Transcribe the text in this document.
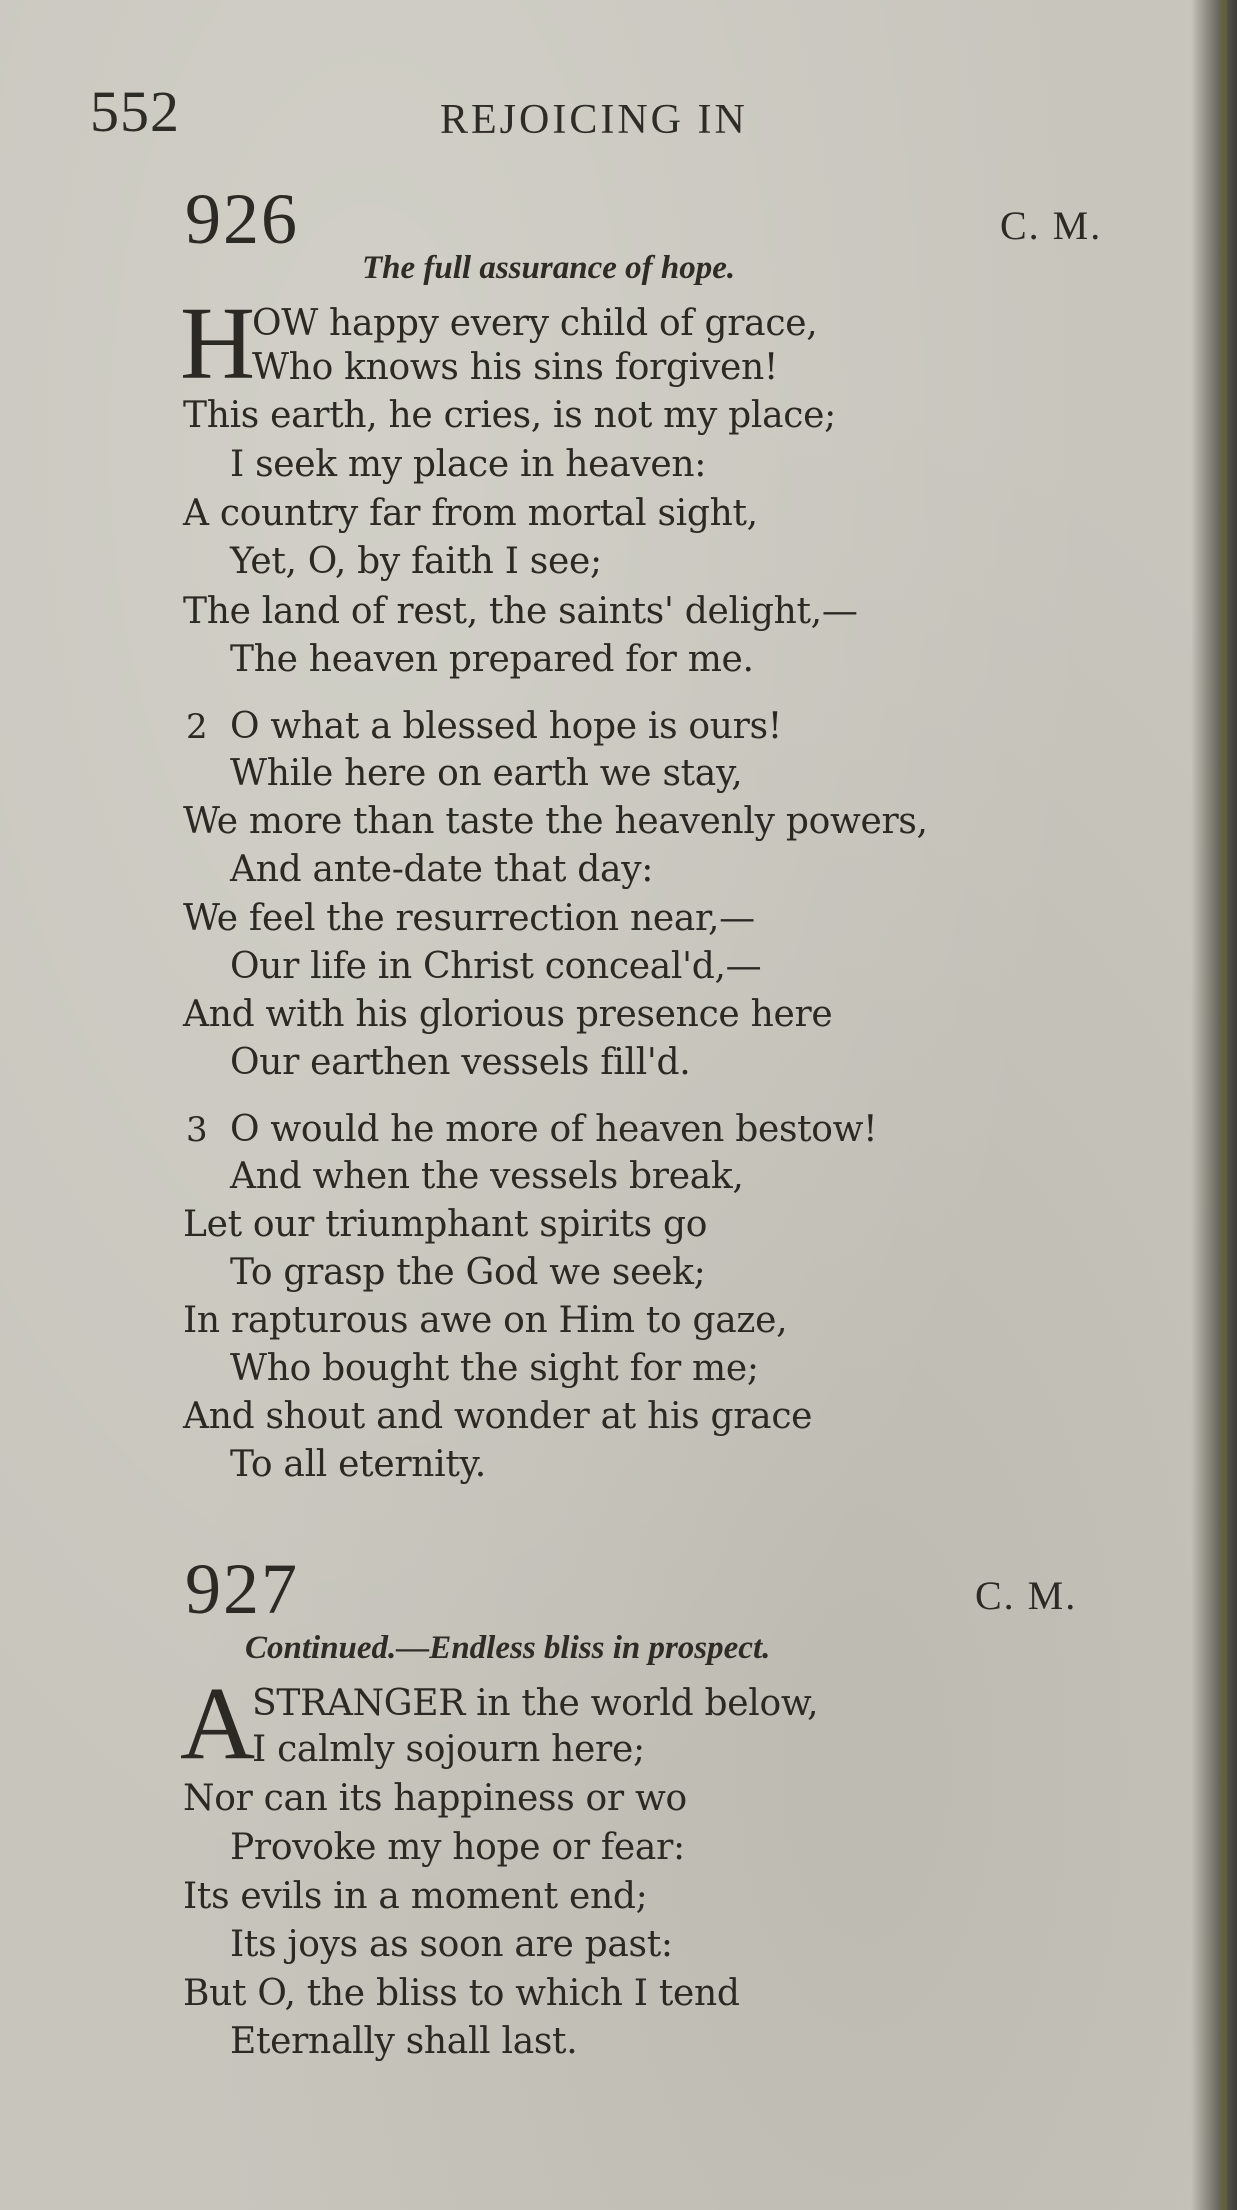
552	REJOICING IN
926	C. M.
The full assurance of hope.
H
OW happy every child of grace,
Who knows his sins forgiven!
This earth, he cries, is not my place;
I seek my place in heaven:
A country far from mortal sight,
Yet, O, by faith I see;
The land of rest, the saints' delight,—
The heaven prepared for me.
2 O what a blessed hope is ours!
While here on earth we stay,
We more than taste the heavenly powers,
And ante-date that day:
We feel the resurrection near,—
Our life in Christ conceal'd,—
And with his glorious presence here
Our earthen vessels fill'd.
3 O would he more of heaven bestow!
And when the vessels break,
Let our triumphant spirits go
To grasp the God we seek;
In rapturous awe on Him to gaze,
Who bought the sight for me;
And shout and wonder at his grace
To all eternity.
927	C. M.
Continued.—Endless bliss in prospect.
A
STRANGER in the world below,
I calmly sojourn here;
Nor can its happiness or wo
Provoke my hope or fear:
Its evils in a moment end;
Its joys as soon are past:
But O, the bliss to which I tend
Eternally shall last.
